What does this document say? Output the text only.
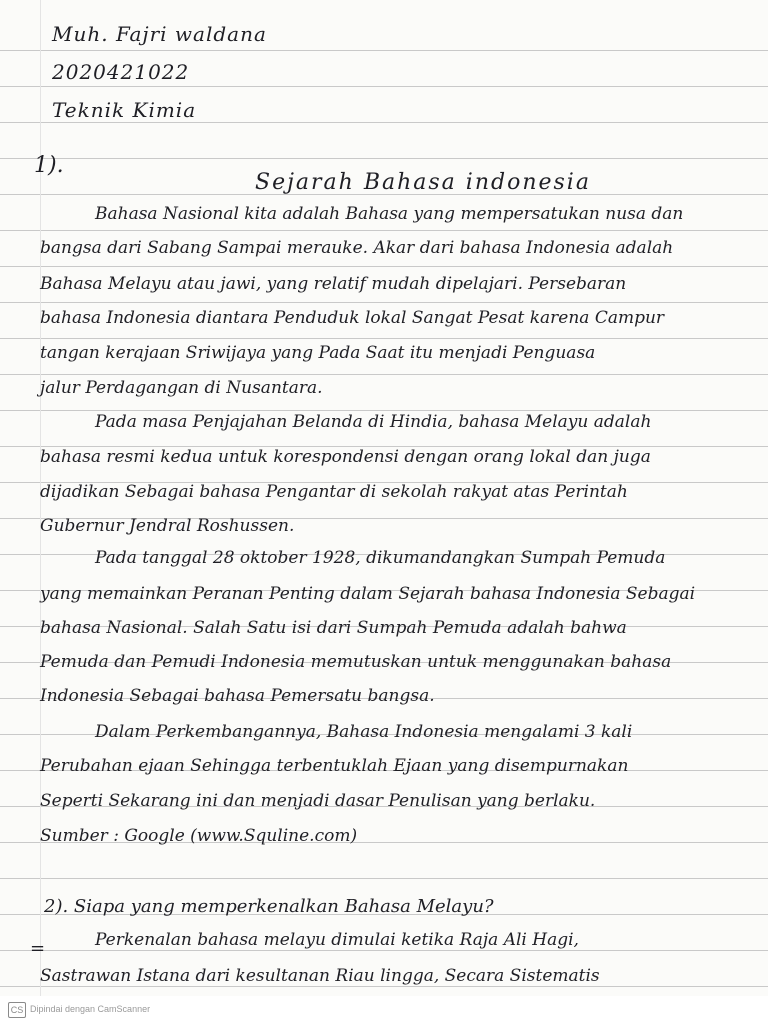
Muh. Fajri waldana
2020421022
Teknik Kimia
1).
Sejarah Bahasa indonesia
Bahasa Nasional kita adalah Bahasa yang mempersatukan nusa dan
bangsa dari Sabang Sampai merauke. Akar dari bahasa Indonesia adalah
Bahasa Melayu atau jawi, yang relatif mudah dipelajari. Persebaran
bahasa Indonesia diantara Penduduk lokal Sangat Pesat karena Campur
tangan kerajaan Sriwijaya yang Pada Saat itu menjadi Penguasa
jalur Perdagangan di Nusantara.
Pada masa Penjajahan Belanda di Hindia, bahasa Melayu adalah
bahasa resmi kedua untuk korespondensi dengan orang lokal dan juga
dijadikan Sebagai bahasa Pengantar di sekolah rakyat atas Perintah
Gubernur Jendral Roshussen.
Pada tanggal 28 oktober 1928, dikumandangkan Sumpah Pemuda
yang memainkan Peranan Penting dalam Sejarah bahasa Indonesia Sebagai
bahasa Nasional. Salah Satu isi dari Sumpah Pemuda adalah bahwa
Pemuda dan Pemudi Indonesia memutuskan untuk menggunakan bahasa
Indonesia Sebagai bahasa Pemersatu bangsa.
Dalam Perkembangannya, Bahasa Indonesia mengalami 3 kali
Perubahan ejaan Sehingga terbentuklah Ejaan yang disempurnakan
Seperti Sekarang ini dan menjadi dasar Penulisan yang berlaku.
Sumber : Google (www.Squline.com)
2). Siapa yang memperkenalkan Bahasa Melayu?
=	Perkenalan bahasa melayu dimulai ketika Raja Ali Hagi,
Sastrawan Istana dari kesultanan Riau lingga, Secara Sistematis
CS Dipindai dengan CamScanner
